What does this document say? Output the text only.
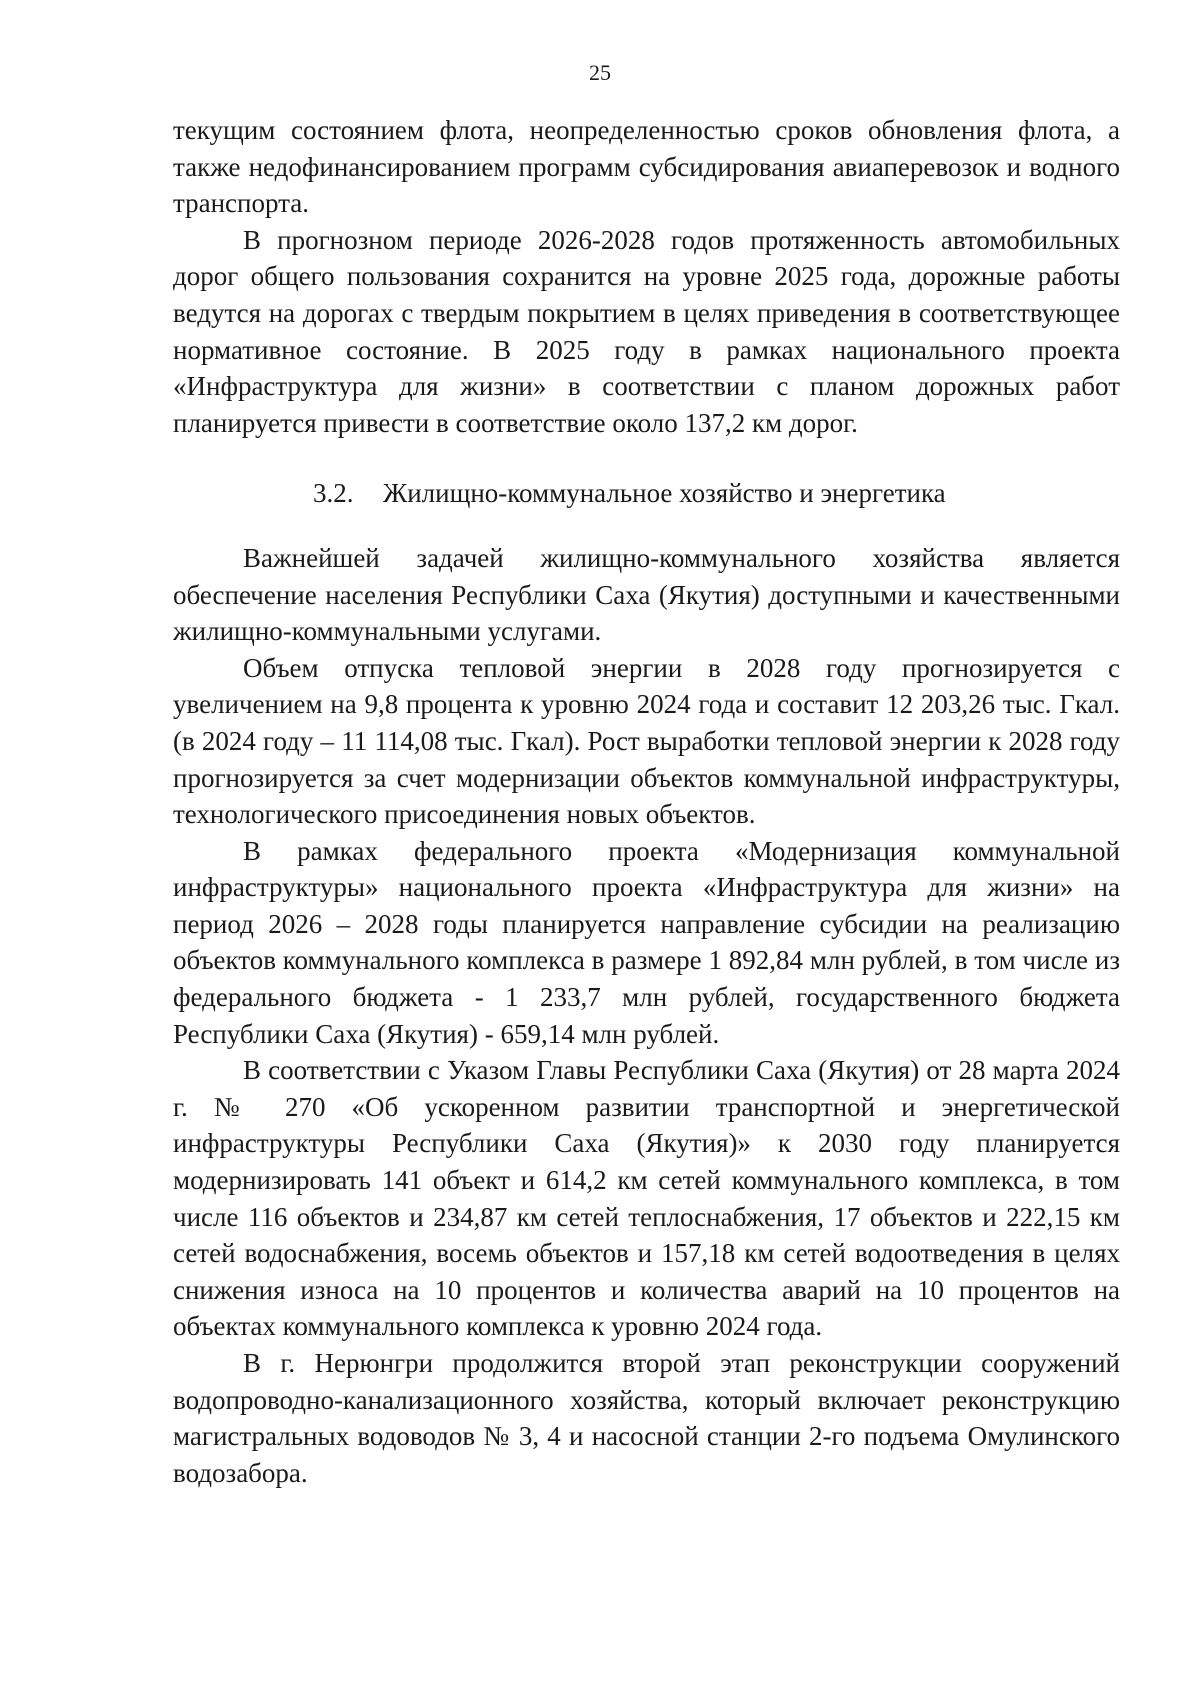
25

текущим состоянием флота, неопределенностью сроков обновления флота, а также недофинансированием программ субсидирования авиаперевозок и водного транспорта.

В прогнозном периоде 2026-2028 годов протяженность автомобильных дорог общего пользования сохранится на уровне 2025 года, дорожные работы ведутся на дорогах с твердым покрытием в целях приведения в соответствующее нормативное состояние. В 2025 году в рамках национального проекта «Инфраструктура для жизни» в соответствии с планом дорожных работ планируется привести в соответствие около 137,2 км дорог.

3.2. Жилищно-коммунальное хозяйство и энергетика

Важнейшей задачей жилищно-коммунального хозяйства является обеспечение населения Республики Саха (Якутия) доступными и качественными жилищно-коммунальными услугами.

Объем отпуска тепловой энергии в 2028 году прогнозируется с увеличением на 9,8 процента к уровню 2024 года и составит 12 203,26 тыс. Гкал. (в 2024 году – 11 114,08 тыс. Гкал). Рост выработки тепловой энергии к 2028 году прогнозируется за счет модернизации объектов коммунальной инфраструктуры, технологического присоединения новых объектов.

В рамках федерального проекта «Модернизация коммунальной инфраструктуры» национального проекта «Инфраструктура для жизни» на период 2026 – 2028 годы планируется направление субсидии на реализацию объектов коммунального комплекса в размере 1 892,84 млн рублей, в том числе из федерального бюджета - 1 233,7 млн рублей, государственного бюджета Республики Саха (Якутия) - 659,14 млн рублей.

В соответствии с Указом Главы Республики Саха (Якутия) от 28 марта 2024 г. № 270 «Об ускоренном развитии транспортной и энергетической инфраструктуры Республики Саха (Якутия)» к 2030 году планируется модернизировать 141 объект и 614,2 км сетей коммунального комплекса, в том числе 116 объектов и 234,87 км сетей теплоснабжения, 17 объектов и 222,15 км сетей водоснабжения, восемь объектов и 157,18 км сетей водоотведения в целях снижения износа на 10 процентов и количества аварий на 10 процентов на объектах коммунального комплекса к уровню 2024 года.

В г. Нерюнгри продолжится второй этап реконструкции сооружений водопроводно-канализационного хозяйства, который включает реконструкцию магистральных водоводов № 3, 4 и насосной станции 2-го подъема Омулинского водозабора.
